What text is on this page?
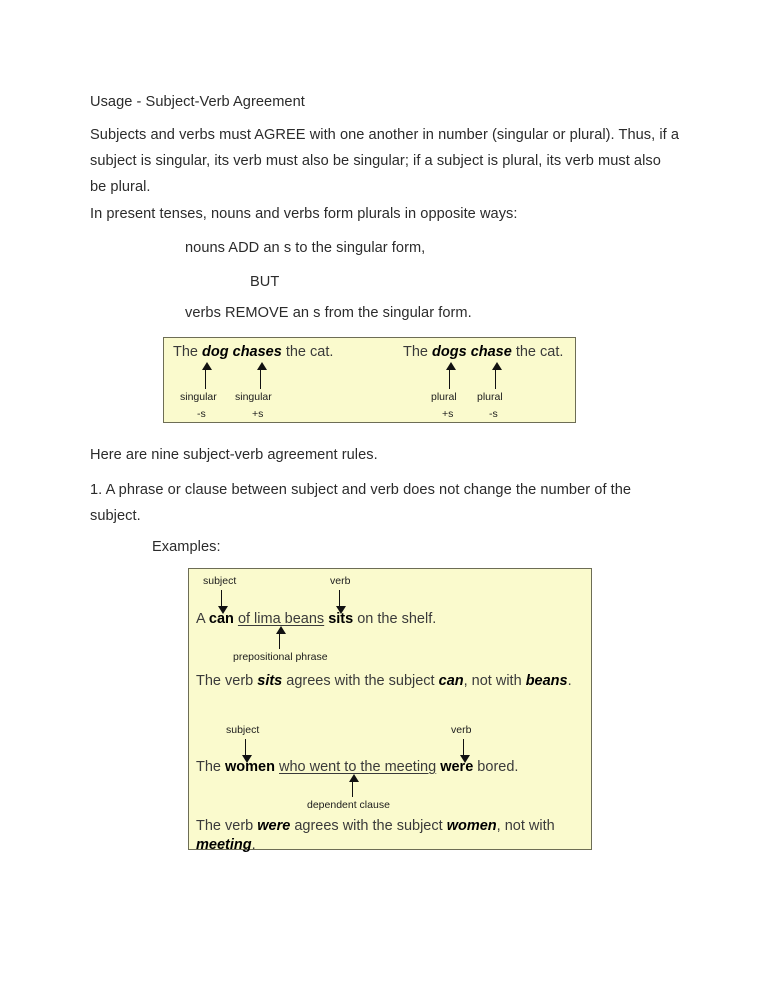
Usage - Subject-Verb Agreement
Subjects and verbs must AGREE with one another in number (singular or plural). Thus, if a subject is singular, its verb must also be singular; if a subject is plural, its verb must also be plural.
In present tenses, nouns and verbs form plurals in opposite ways:
nouns ADD an s to the singular form,
BUT
verbs REMOVE an s from the singular form.
Here are nine subject-verb agreement rules.
1. A phrase or clause between subject and verb does not change the number of the subject.
Examples:
The dog chases the cat.	The dogs chase the cat.
singular singular	plural plural
-s	+s	+s	-s
subject	verb
A can of lima beans sits on the shelf.
prepositional phrase
The verb sits agrees with the subject can, not with beans.
subject	verb
The women who went to the meeting were bored.
dependent clause
The verb were agrees with the subject women, not with
meeting.
